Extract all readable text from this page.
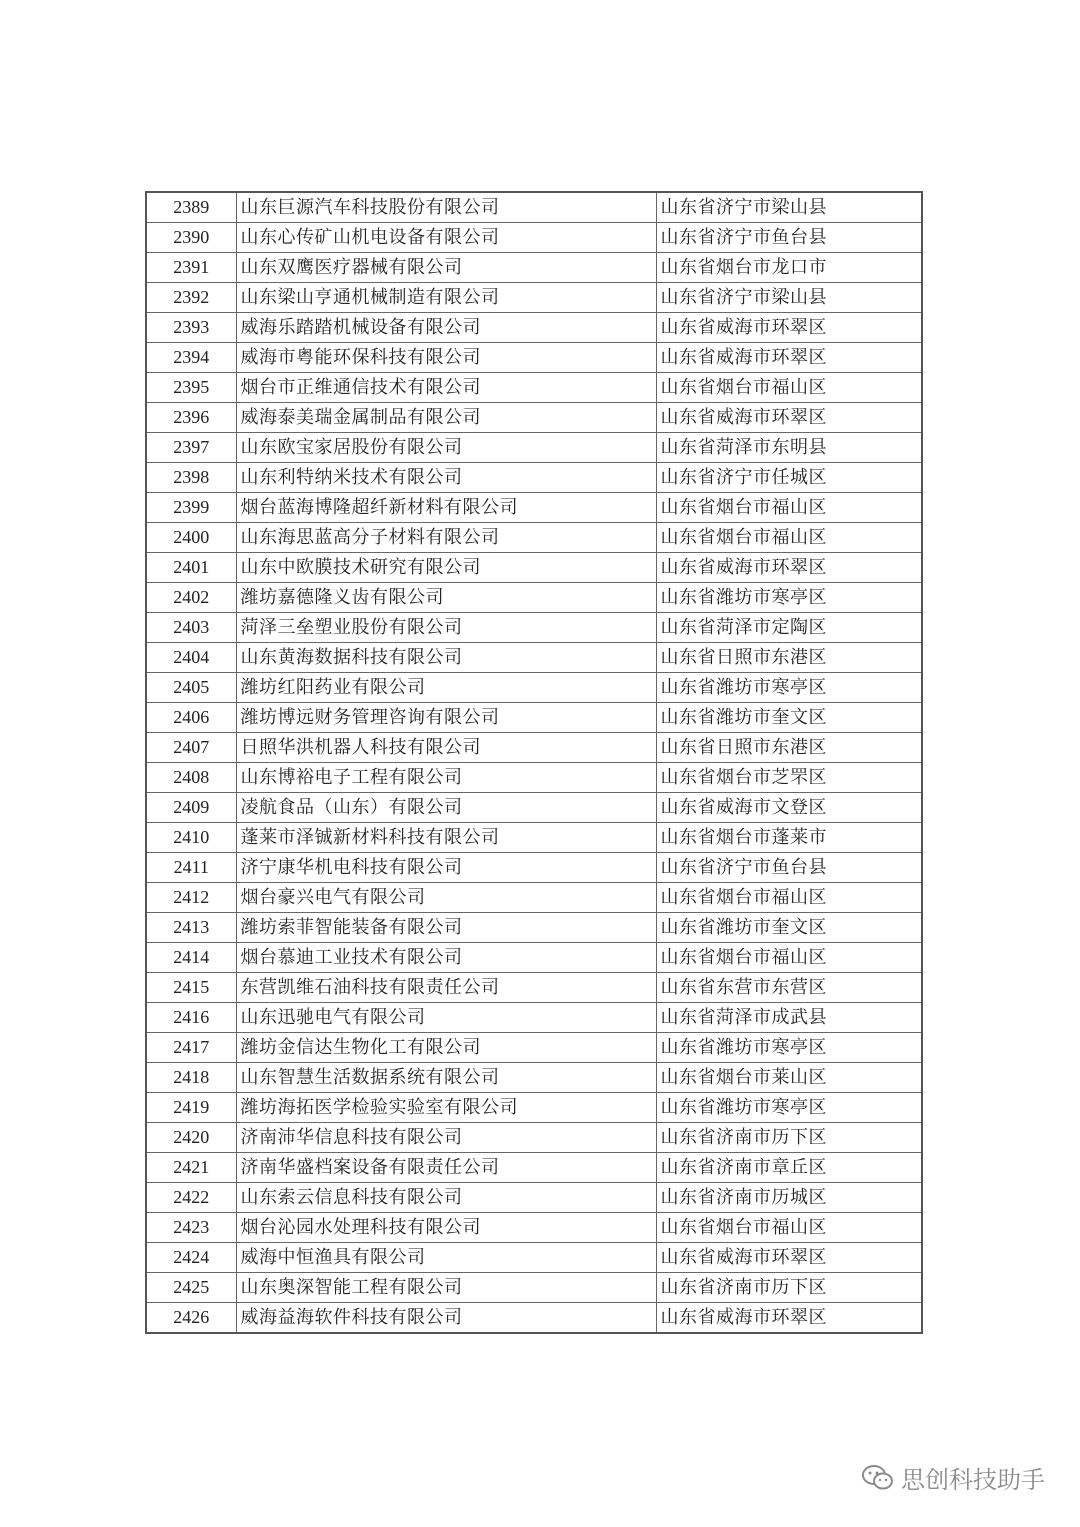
2389	山东巨源汽车科技股份有限公司	山东省济宁市梁山县
2390	山东心传矿山机电设备有限公司	山东省济宁市鱼台县
2391	山东双鹰医疗器械有限公司	山东省烟台市龙口市
2392	山东梁山亨通机械制造有限公司	山东省济宁市梁山县
2393	威海乐踏踏机械设备有限公司	山东省威海市环翠区
2394	威海市粤能环保科技有限公司	山东省威海市环翠区
2395	烟台市正维通信技术有限公司	山东省烟台市福山区
2396	威海泰美瑞金属制品有限公司	山东省威海市环翠区
2397	山东欧宝家居股份有限公司	山东省菏泽市东明县
2398	山东利特纳米技术有限公司	山东省济宁市任城区
2399	烟台蓝海博隆超纤新材料有限公司	山东省烟台市福山区
2400	山东海思蓝高分子材料有限公司	山东省烟台市福山区
2401	山东中欧膜技术研究有限公司	山东省威海市环翠区
2402	潍坊嘉德隆义齿有限公司	山东省潍坊市寒亭区
2403	菏泽三垒塑业股份有限公司	山东省菏泽市定陶区
2404	山东黄海数据科技有限公司	山东省日照市东港区
2405	潍坊红阳药业有限公司	山东省潍坊市寒亭区
2406	潍坊博远财务管理咨询有限公司	山东省潍坊市奎文区
2407	日照华洪机器人科技有限公司	山东省日照市东港区
2408	山东博裕电子工程有限公司	山东省烟台市芝罘区
2409	凌航食品（山东）有限公司	山东省威海市文登区
2410	蓬莱市泽铖新材料科技有限公司	山东省烟台市蓬莱市
2411	济宁康华机电科技有限公司	山东省济宁市鱼台县
2412	烟台豪兴电气有限公司	山东省烟台市福山区
2413	潍坊索菲智能装备有限公司	山东省潍坊市奎文区
2414	烟台慕迪工业技术有限公司	山东省烟台市福山区
2415	东营凯维石油科技有限责任公司	山东省东营市东营区
2416	山东迅驰电气有限公司	山东省菏泽市成武县
2417	潍坊金信达生物化工有限公司	山东省潍坊市寒亭区
2418	山东智慧生活数据系统有限公司	山东省烟台市莱山区
2419	潍坊海拓医学检验实验室有限公司	山东省潍坊市寒亭区
2420	济南沛华信息科技有限公司	山东省济南市历下区
2421	济南华盛档案设备有限责任公司	山东省济南市章丘区
2422	山东索云信息科技有限公司	山东省济南市历城区
2423	烟台沁园水处理科技有限公司	山东省烟台市福山区
2424	威海中恒渔具有限公司	山东省威海市环翠区
2425	山东奥深智能工程有限公司	山东省济南市历下区
2426	威海益海软件科技有限公司	山东省威海市环翠区
思创科技助手
